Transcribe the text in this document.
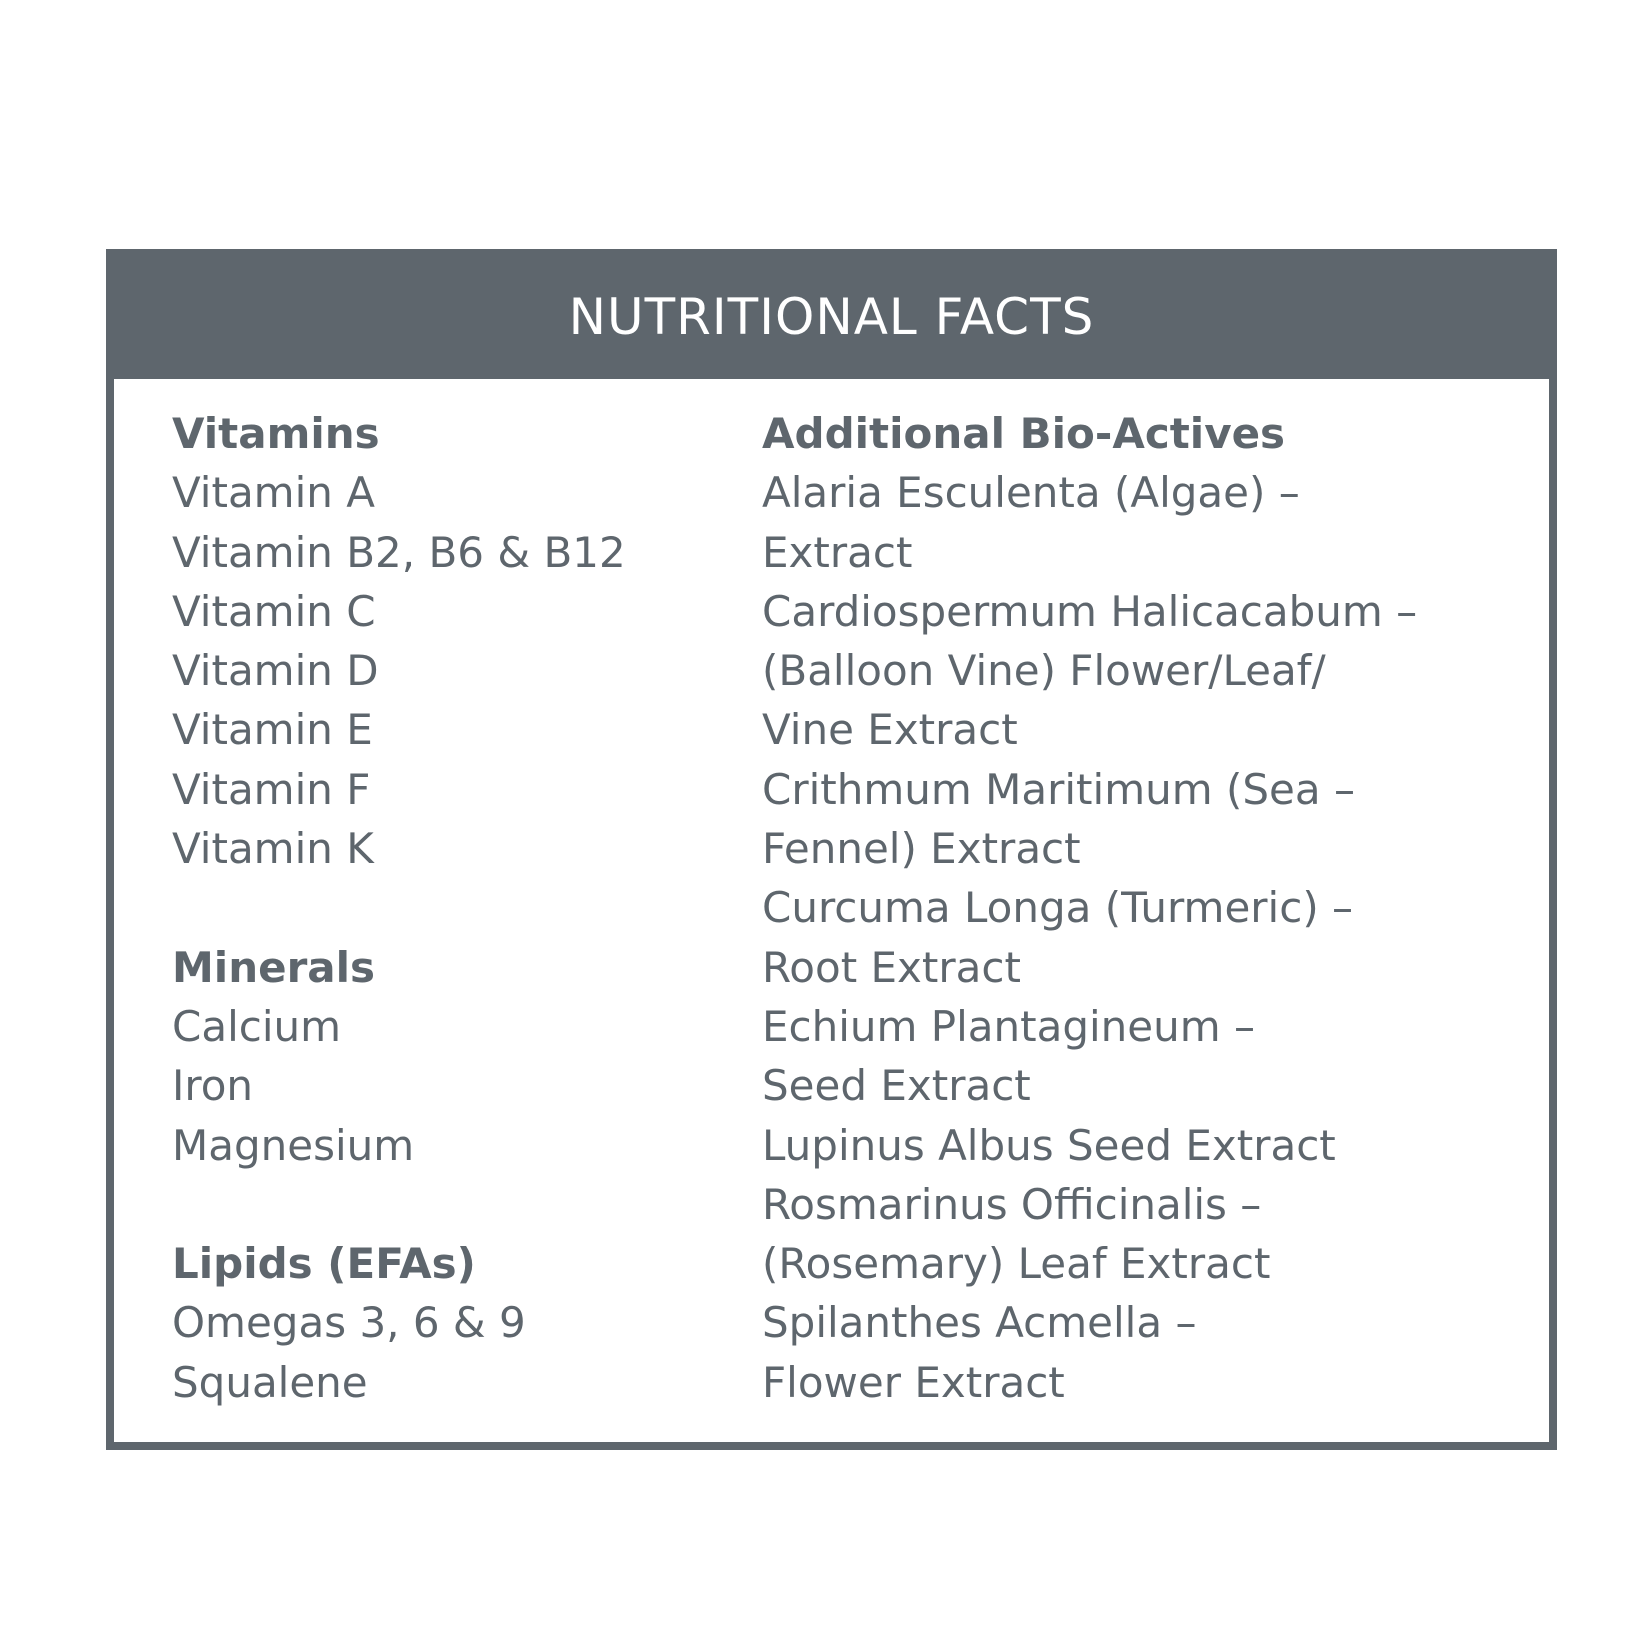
NUTRITIONAL FACTS
Vitamins
Vitamin A
Vitamin B2, B6 & B12
Vitamin C
Vitamin D
Vitamin E
Vitamin F
Vitamin K
Minerals
Calcium
Iron
Magnesium
Lipids (EFAs)
Omegas 3, 6 & 9
Squalene
Additional Bio-Actives
Alaria Esculenta (Algae) –
Extract
Cardiospermum Halicacabum –
(Balloon Vine) Flower/Leaf/
Vine Extract
Crithmum Maritimum (Sea –
Fennel) Extract
Curcuma Longa (Turmeric) –
Root Extract
Echium Plantagineum –
Seed Extract
Lupinus Albus Seed Extract
Rosmarinus Officinalis –
(Rosemary) Leaf Extract
Spilanthes Acmella –
Flower Extract
